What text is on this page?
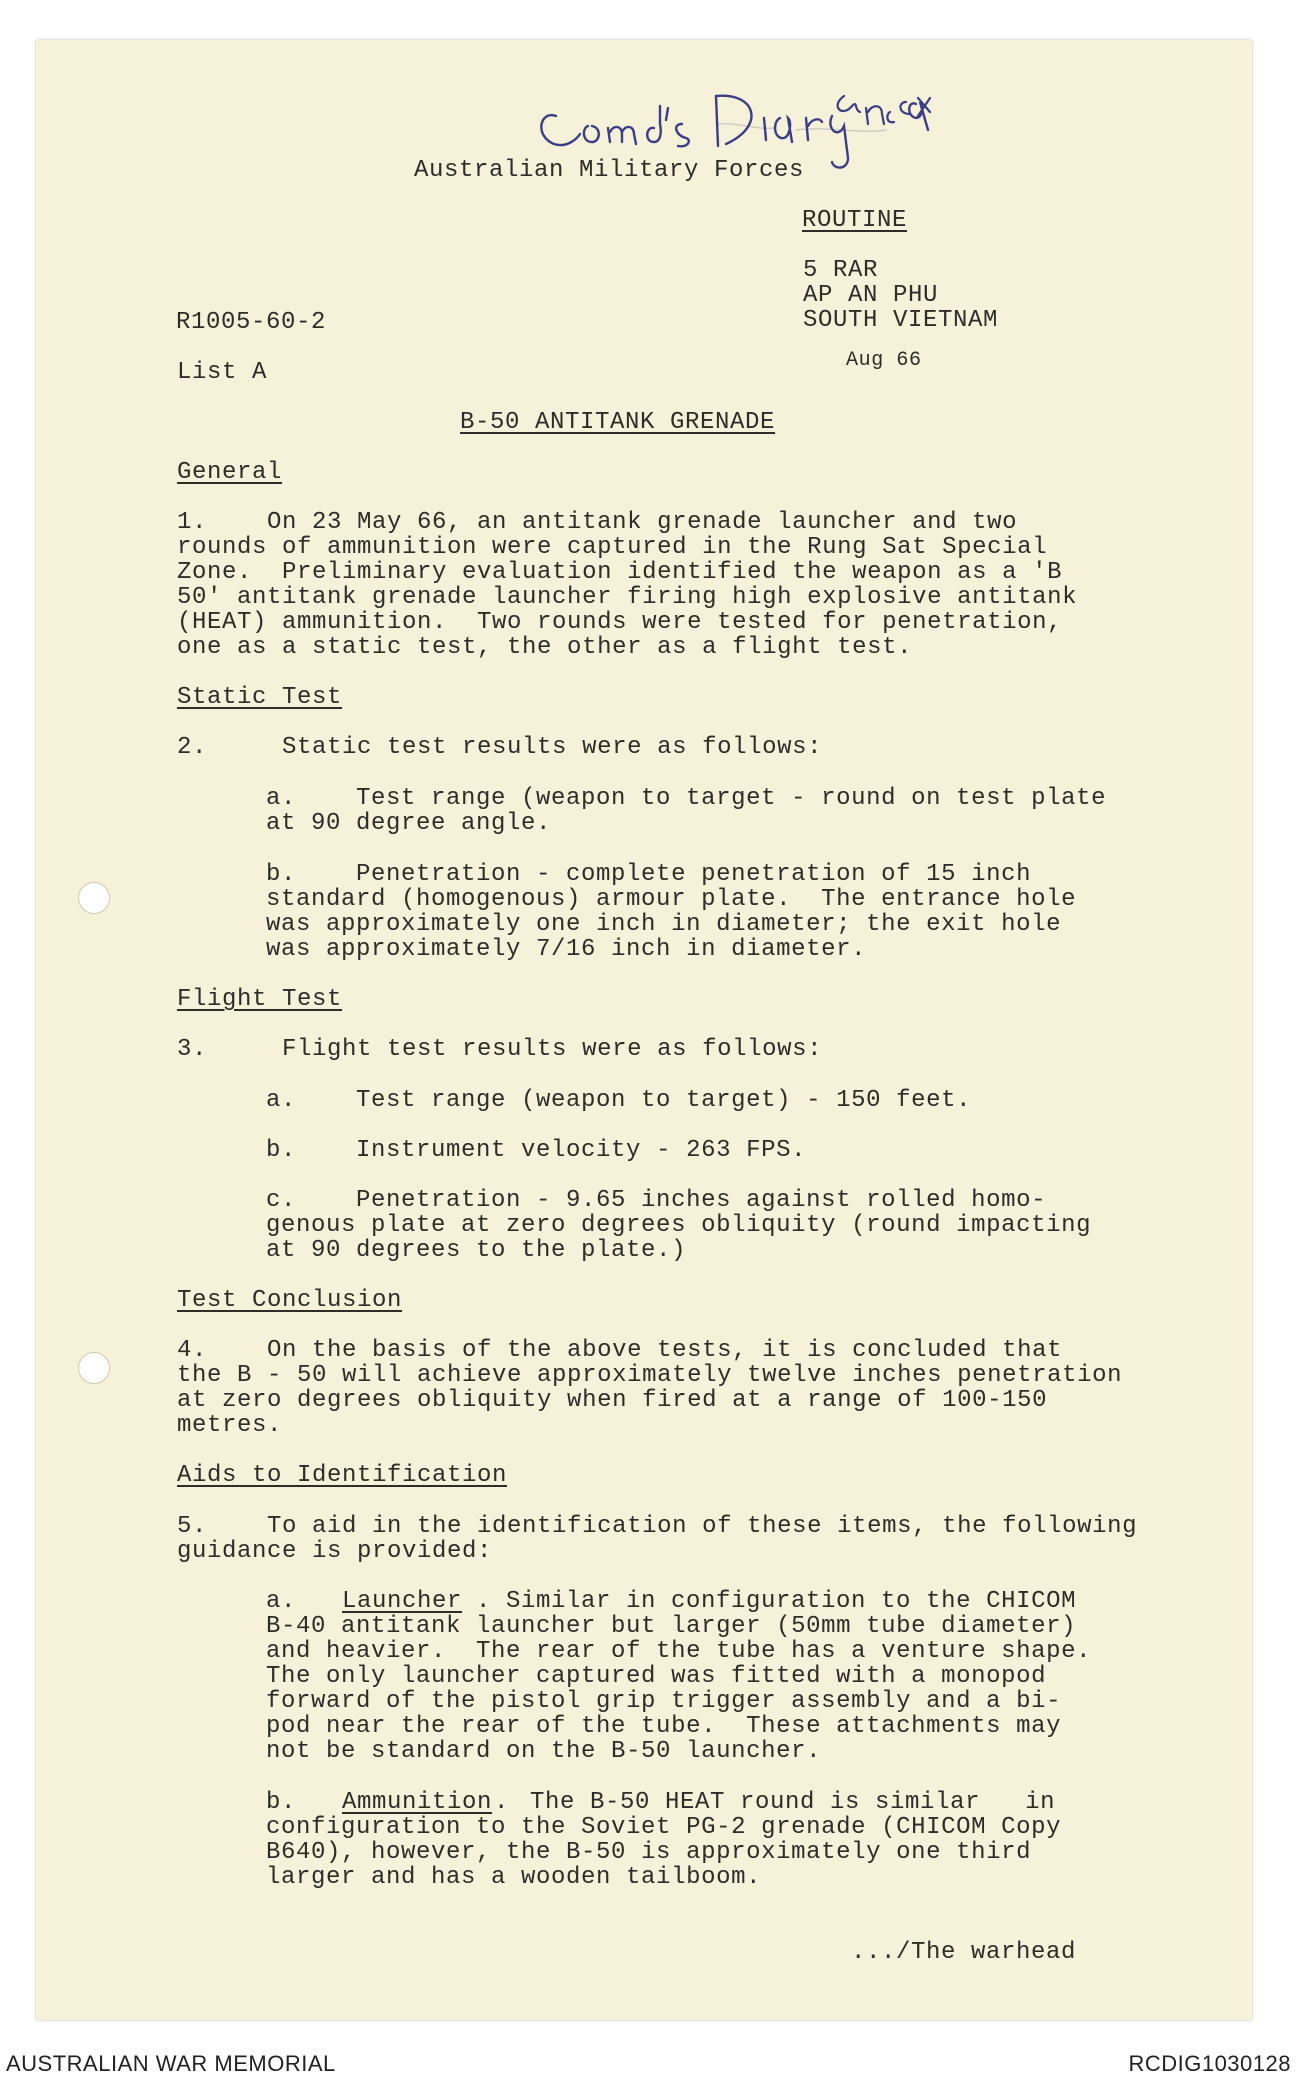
Australian Military Forces
ROUTINE
5 RAR
AP AN PHU
SOUTH VIETNAM
R1005-60-2
Aug 66
List A
B-50 ANTITANK GRENADE
General
1.    On 23 May 66, an antitank grenade launcher and two
rounds of ammunition were captured in the Rung Sat Special
Zone.  Preliminary evaluation identified the weapon as a 'B
50' antitank grenade launcher firing high explosive antitank
(HEAT) ammunition.  Two rounds were tested for penetration,
one as a static test, the other as a flight test.
Static Test
2.     Static test results were as follows:
a.    Test range (weapon to target - round on test plate
at 90 degree angle.
b.    Penetration - complete penetration of 15 inch
standard (homogenous) armour plate.  The entrance hole
was approximately one inch in diameter; the exit hole
was approximately 7/16 inch in diameter.
Flight Test
3.     Flight test results were as follows:
a.    Test range (weapon to target) - 150 feet.
b.    Instrument velocity - 263 FPS.
c.    Penetration - 9.65 inches against rolled homo-
genous plate at zero degrees obliquity (round impacting
at 90 degrees to the plate.)
Test Conclusion
4.    On the basis of the above tests, it is concluded that
the B - 50 will achieve approximately twelve inches penetration
at zero degrees obliquity when fired at a range of 100-150
metres.
Aids to Identification
5.    To aid in the identification of these items, the following
guidance is provided:
a. Launcher . Similar in configuration to the CHICOM
B-40 antitank launcher but larger (50mm tube diameter)
and heavier.  The rear of the tube has a venture shape.
The only launcher captured was fitted with a monopod
forward of the pistol grip trigger assembly and a bi-
pod near the rear of the tube.  These attachments may
not be standard on the B-50 launcher.
b. Ammunition . The B-50 HEAT round is similar   in
configuration to the Soviet PG-2 grenade (CHICOM Copy
B640), however, the B-50 is approximately one third
larger and has a wooden tailboom.
.../The warhead
AUSTRALIAN WAR MEMORIAL	RCDIG1030128
